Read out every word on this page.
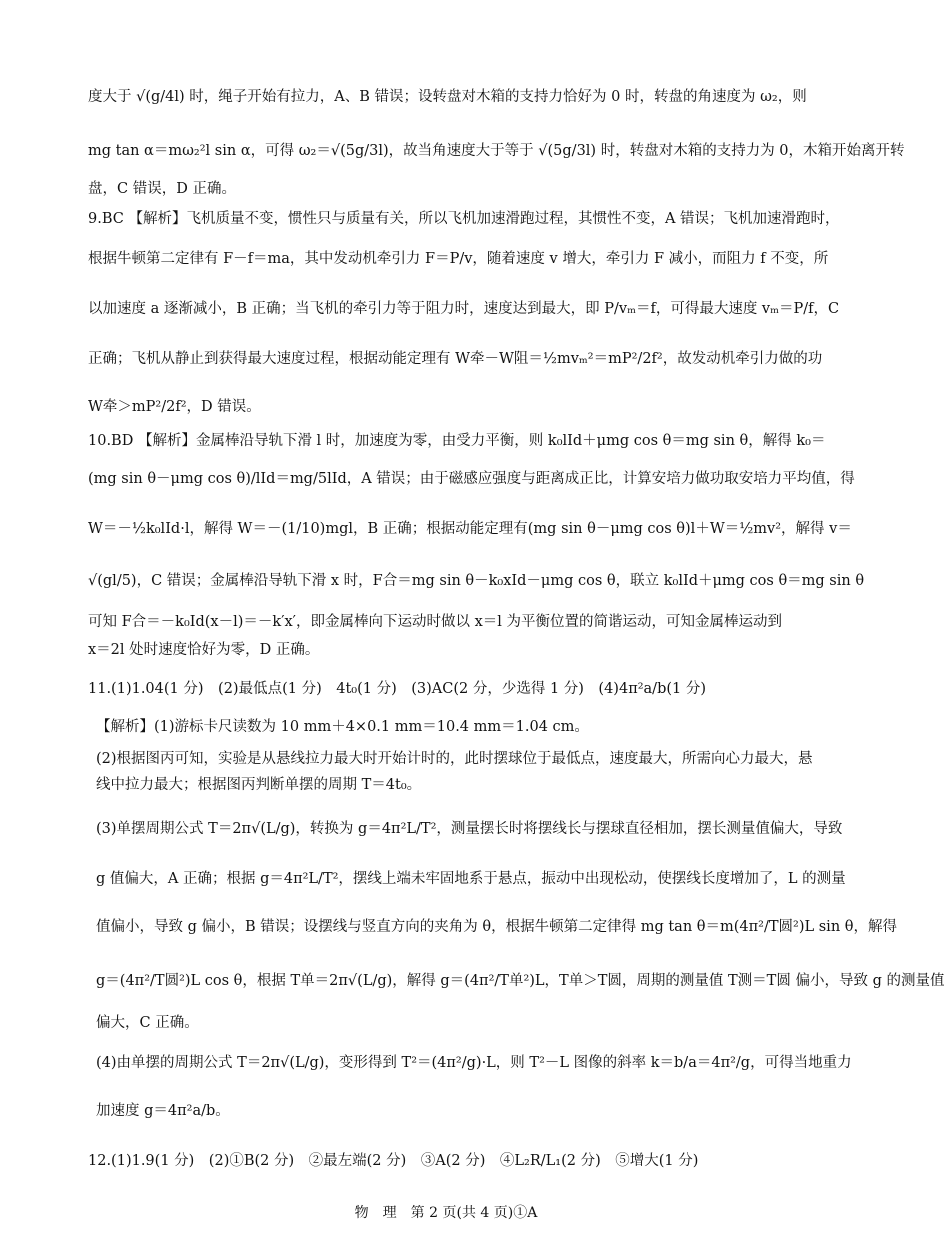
度大于 √(g/4l) 时，绳子开始有拉力，A、B 错误；设转盘对木箱的支持力恰好为 0 时，转盘的角速度为 ω₂，则
mg tan α＝mω₂²l sin α，可得 ω₂＝√(5g/3l)，故当角速度大于等于 √(5g/3l) 时，转盘对木箱的支持力为 0，木箱开始离开转
盘，C 错误，D 正确。
9.BC 【解析】飞机质量不变，惯性只与质量有关，所以飞机加速滑跑过程，其惯性不变，A 错误；飞机加速滑跑时，
根据牛顿第二定律有 F－f＝ma，其中发动机牵引力 F＝P/v，随着速度 v 增大，牵引力 F 减小，而阻力 f 不变，所
以加速度 a 逐渐减小，B 正确；当飞机的牵引力等于阻力时，速度达到最大，即 P/vₘ＝f，可得最大速度 vₘ＝P/f，C
正确；飞机从静止到获得最大速度过程，根据动能定理有 W牵－W阻＝½mvₘ²＝mP²/2f²，故发动机牵引力做的功
W牵＞mP²/2f²，D 错误。
10.BD 【解析】金属棒沿导轨下滑 l 时，加速度为零，由受力平衡，则 k₀lId＋μmg cos θ＝mg sin θ，解得 k₀＝
(mg sin θ－μmg cos θ)/lId＝mg/5lId，A 错误；由于磁感应强度与距离成正比，计算安培力做功取安培力平均值，得
W＝－½k₀lId·l，解得 W＝－(1/10)mgl，B 正确；根据动能定理有(mg sin θ－μmg cos θ)l＋W＝½mv²，解得 v＝
√(gl/5)，C 错误；金属棒沿导轨下滑 x 时，F合＝mg sin θ－k₀xId－μmg cos θ，联立 k₀lId＋μmg cos θ＝mg sin θ
可知 F合＝－k₀Id(x－l)＝－k′x′，即金属棒向下运动时做以 x＝l 为平衡位置的简谐运动，可知金属棒运动到
x＝2l 处时速度恰好为零，D 正确。
11.(1)1.04(1 分)　(2)最低点(1 分)　4t₀(1 分)　(3)AC(2 分，少选得 1 分)　(4)4π²a/b(1 分)
【解析】(1)游标卡尺读数为 10 mm＋4×0.1 mm＝10.4 mm＝1.04 cm。
(2)根据图丙可知，实验是从悬线拉力最大时开始计时的，此时摆球位于最低点，速度最大，所需向心力最大，悬
线中拉力最大；根据图丙判断单摆的周期 T＝4t₀。
(3)单摆周期公式 T＝2π√(L/g)，转换为 g＝4π²L/T²，测量摆长时将摆线长与摆球直径相加，摆长测量值偏大，导致
g 值偏大，A 正确；根据 g＝4π²L/T²，摆线上端未牢固地系于悬点，振动中出现松动，使摆线长度增加了，L 的测量
值偏小，导致 g 偏小，B 错误；设摆线与竖直方向的夹角为 θ，根据牛顿第二定律得 mg tan θ＝m(4π²/T圆²)L sin θ，解得
g＝(4π²/T圆²)L cos θ，根据 T单＝2π√(L/g)，解得 g＝(4π²/T单²)L，T单＞T圆，周期的测量值 T测＝T圆 偏小，导致 g 的测量值
偏大，C 正确。
(4)由单摆的周期公式 T＝2π√(L/g)，变形得到 T²＝(4π²/g)·L，则 T²－L 图像的斜率 k＝b/a＝4π²/g，可得当地重力
加速度 g＝4π²a/b。
12.(1)1.9(1 分)　(2)①B(2 分)　②最左端(2 分)　③A(2 分)　④L₂R/L₁(2 分)　⑤增大(1 分)
物　理　第 2 页(共 4 页)①A
